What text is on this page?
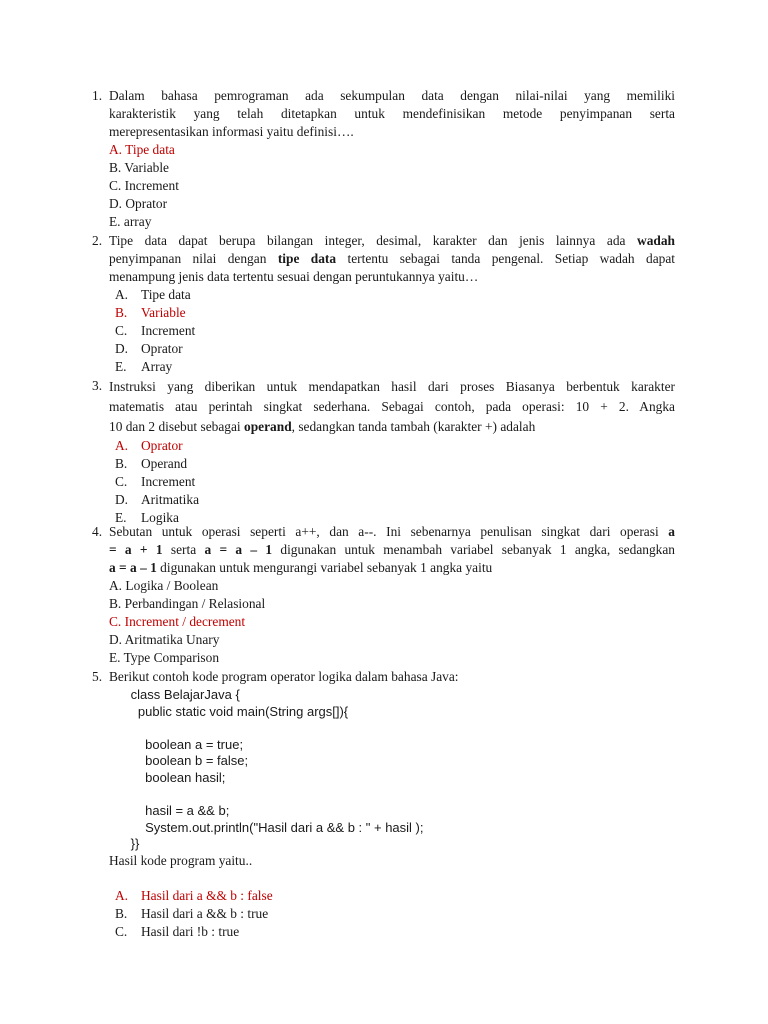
1. Dalam bahasa pemrograman ada sekumpulan data dengan nilai-nilai yang memiliki
karakteristik yang telah ditetapkan untuk mendefinisikan metode penyimpanan serta
merepresentasikan informasi yaitu definisi….
A. Tipe data
B. Variable
C. Increment
D. Oprator
E. array
2. Tipe data dapat berupa bilangan integer, desimal, karakter dan jenis lainnya ada wadah
penyimpanan nilai dengan tipe data tertentu sebagai tanda pengenal. Setiap wadah dapat
menampung jenis data tertentu sesuai dengan peruntukannya yaitu…
A. Tipe data
B. Variable
C. Increment
D. Oprator
E. Array
3. Instruksi yang diberikan untuk mendapatkan hasil dari proses Biasanya berbentuk karakter
matematis atau perintah singkat sederhana. Sebagai contoh, pada operasi: 10 + 2. Angka
10 dan 2 disebut sebagai operand, sedangkan tanda tambah (karakter +) adalah
A. Oprator
B. Operand
C. Increment
D. Aritmatika
E. Logika
4. Sebutan untuk operasi seperti a++, dan a--. Ini sebenarnya penulisan singkat dari operasi a
= a + 1 serta a = a – 1 digunakan untuk menambah variabel sebanyak 1 angka, sedangkan
a = a – 1 digunakan untuk mengurangi variabel sebanyak 1 angka yaitu
A. Logika / Boolean
B. Perbandingan / Relasional
C. Increment / decrement
D. Aritmatika Unary
E. Type Comparison
5. Berikut contoh kode program operator logika dalam bahasa Java:
class BelajarJava {
public static void main(String args[]){
boolean a = true;
boolean b = false;
boolean hasil;
hasil = a && b;
System.out.println("Hasil dari a && b : " + hasil );
}}
Hasil kode program yaitu..
A. Hasil dari a && b : false
B. Hasil dari a && b : true
C. Hasil dari !b : true
